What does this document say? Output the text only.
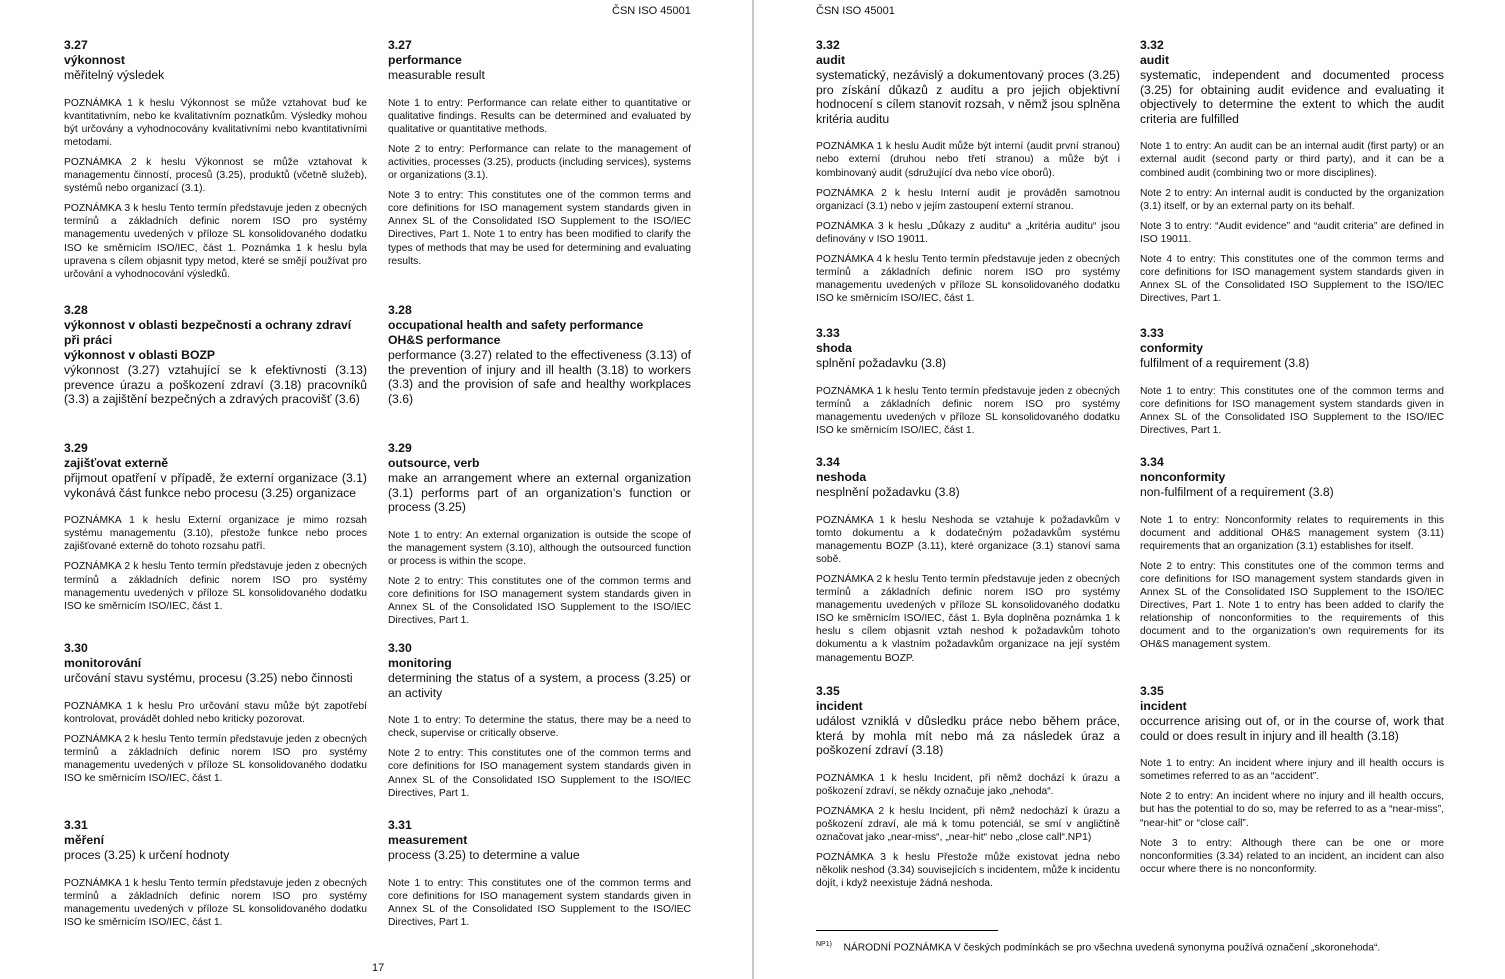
ČSN ISO 45001
3.27
výkonnost
měřitelný výsledek

POZNÁMKA 1 k heslu Výkonnost se může vztahovat buď ke kvantitativním, nebo ke kvalitativním poznatkům. Výsledky mohou být určovány a vyhodnocovány kvalitativními nebo kvantitativními metodami.

POZNÁMKA 2 k heslu Výkonnost se může vztahovat k managementu činností, procesů (3.25), produktů (včetně služeb), systémů nebo organizací (3.1).

POZNÁMKA 3 k heslu Tento termín představuje jeden z obecných termínů a základních definic norem ISO pro systémy managementu uvedených v příloze SL konsolidovaného dodatku ISO ke směrnicím ISO/IEC, část 1. Poznámka 1 k heslu byla upravena s cílem objasnit typy metod, které se smějí používat pro určování a vyhodnocování výsledků.

3.28
výkonnost v oblasti bezpečnosti a ochrany zdraví při práci
výkonnost v oblasti BOZP
výkonnost (3.27) vztahující se k efektivnosti (3.13) prevence úrazu a poškození zdraví (3.18) pracovníků (3.3) a zajištění bezpečných a zdravých pracovišť (3.6)
3.29
zajišťovat externě
přijmout opatření v případě, že externí organizace (3.1) vykonává část funkce nebo procesu (3.25) organizace

POZNÁMKA 1 k heslu Externí organizace je mimo rozsah systému managementu (3.10), přestože funkce nebo proces zajišťované externě do tohoto rozsahu patří.

POZNÁMKA 2 k heslu Tento termín představuje jeden z obecných termínů a základních definic norem ISO pro systémy managementu uvedených v příloze SL konsolidovaného dodatku ISO ke směrnicím ISO/IEC, část 1.

3.30
monitorování
určování stavu systému, procesu (3.25) nebo činnosti

POZNÁMKA 1 k heslu Pro určování stavu může být zapotřebí kontrolovat, provádět dohled nebo kriticky pozorovat.

POZNÁMKA 2 k heslu Tento termín představuje jeden z obecných termínů a základních definic norem ISO pro systémy managementu uvedených v příloze SL konsolidovaného dodatku ISO ke směrnicím ISO/IEC, část 1.

3.31
měření
proces (3.25) k určení hodnoty

POZNÁMKA 1 k heslu Tento termín představuje jeden z obecných termínů a základních definic norem ISO pro systémy managementu uvedených v příloze SL konsolidovaného dodatku ISO ke směrnicím ISO/IEC, část 1.

3.27
performance
measurable result

Note 1 to entry: Performance can relate either to quantitative or qualitative findings. Results can be determined and evaluated by qualitative or quantitative methods.

Note 2 to entry: Performance can relate to the management of activities, processes (3.25), products (including services), systems or organizations (3.1).

Note 3 to entry: This constitutes one of the common terms and core definitions for ISO management system standards given in Annex SL of the Consolidated ISO Supplement to the ISO/IEC Directives, Part 1. Note 1 to entry has been modified to clarify the types of methods that may be used for determining and evaluating results.

3.28
occupational health and safety performance
OH&S performance
performance (3.27) related to the effectiveness (3.13) of the prevention of injury and ill health (3.18) to workers (3.3) and the provision of safe and healthy workplaces (3.6)
3.29
outsource, verb
make an arrangement where an external organization (3.1) performs part of an organization’s function or process (3.25)

Note 1 to entry: An external organization is outside the scope of the management system (3.10), although the outsourced function or process is within the scope.

Note 2 to entry: This constitutes one of the common terms and core definitions for ISO management system standards given in Annex SL of the Consolidated ISO Supplement to the ISO/IEC Directives, Part 1.

3.30
monitoring
determining the status of a system, a process (3.25) or an activity

Note 1 to entry: To determine the status, there may be a need to check, supervise or critically observe.

Note 2 to entry: This constitutes one of the common terms and core definitions for ISO management system standards given in Annex SL of the Consolidated ISO Supplement to the ISO/IEC Directives, Part 1.

3.31
measurement
process (3.25) to determine a value

Note 1 to entry: This constitutes one of the common terms and core definitions for ISO management system standards given in Annex SL of the Consolidated ISO Supplement to the ISO/IEC Directives, Part 1.

17
ČSN ISO 45001
3.32
audit
systematický, nezávislý a dokumentovaný proces (3.25) pro získání důkazů z auditu a pro jejich objektivní hodnocení s cílem stanovit rozsah, v němž jsou splněna kritéria auditu

POZNÁMKA 1 k heslu Audit může být interní (audit první stranou) nebo externí (druhou nebo třetí stranou) a může být i kombinovaný audit (sdružující dva nebo více oborů).

POZNÁMKA 2 k heslu Interní audit je prováděn samotnou organizací (3.1) nebo v jejím zastoupení externí stranou.

POZNÁMKA 3 k heslu „Důkazy z auditu“ a „kritéria auditu“ jsou definovány v ISO 19011.

POZNÁMKA 4 k heslu Tento termín představuje jeden z obecných termínů a základních definic norem ISO pro systémy managementu uvedených v příloze SL konsolidovaného dodatku ISO ke směrnicím ISO/IEC, část 1.

3.33
shoda
splnění požadavku (3.8)

POZNÁMKA 1 k heslu Tento termín představuje jeden z obecných termínů a základních definic norem ISO pro systémy managementu uvedených v příloze SL konsolidovaného dodatku ISO ke směrnicím ISO/IEC, část 1.

3.34
neshoda
nesplnění požadavku (3.8)

POZNÁMKA 1 k heslu Neshoda se vztahuje k požadavkům v tomto dokumentu a k dodatečným požadavkům systému managementu BOZP (3.11), které organizace (3.1) stanoví sama sobě.

POZNÁMKA 2 k heslu Tento termín představuje jeden z obecných termínů a základních definic norem ISO pro systémy managementu uvedených v příloze SL konsolidovaného dodatku ISO ke směrnicím ISO/IEC, část 1. Byla doplněna poznámka 1 k heslu s cílem objasnit vztah neshod k požadavkům tohoto dokumentu a k vlastním požadavkům organizace na její systém managementu BOZP.

3.35
incident
událost vzniklá v důsledku práce nebo během práce, která by mohla mít nebo má za následek úraz a poškození zdraví (3.18)

POZNÁMKA 1 k heslu Incident, při němž dochází k úrazu a poškození zdraví, se někdy označuje jako „nehoda“.

POZNÁMKA 2 k heslu Incident, při němž nedochází k úrazu a poškození zdraví, ale má k tomu potenciál, se smí v angličtině označovat jako „near-miss“, „near-hit“ nebo „close call“.NP1)

POZNÁMKA 3 k heslu Přestože může existovat jedna nebo několik neshod (3.34) souvisejících s incidentem, může k incidentu dojít, i když neexistuje žádná neshoda.

3.32
audit
systematic, independent and documented process (3.25) for obtaining audit evidence and evaluating it objectively to determine the extent to which the audit criteria are fulfilled

Note 1 to entry: An audit can be an internal audit (first party) or an external audit (second party or third party), and it can be a combined audit (combining two or more disciplines).

Note 2 to entry: An internal audit is conducted by the organization (3.1) itself, or by an external party on its behalf.

Note 3 to entry: “Audit evidence” and “audit criteria” are defined in ISO 19011.

Note 4 to entry: This constitutes one of the common terms and core definitions for ISO management system standards given in Annex SL of the Consolidated ISO Supplement to the ISO/IEC Directives, Part 1.

3.33
conformity
fulfilment of a requirement (3.8)

Note 1 to entry: This constitutes one of the common terms and core definitions for ISO management system standards given in Annex SL of the Consolidated ISO Supplement to the ISO/IEC Directives, Part 1.

3.34
nonconformity
non-fulfilment of a requirement (3.8)

Note 1 to entry: Nonconformity relates to requirements in this document and additional OH&S management system (3.11) requirements that an organization (3.1) establishes for itself.

Note 2 to entry: This constitutes one of the common terms and core definitions for ISO management system standards given in Annex SL of the Consolidated ISO Supplement to the ISO/IEC Directives, Part 1. Note 1 to entry has been added to clarify the relationship of nonconformities to the requirements of this document and to the organization’s own requirements for its OH&S management system.

3.35
incident
occurrence arising out of, or in the course of, work that could or does result in injury and ill health (3.18)

Note 1 to entry: An incident where injury and ill health occurs is sometimes referred to as an “accident”.

Note 2 to entry: An incident where no injury and ill health occurs, but has the potential to do so, may be referred to as a “near-miss”, “near-hit” or “close call”.

Note 3 to entry: Although there can be one or more nonconformities (3.34) related to an incident, an incident can also occur where there is no nonconformity.

$^{NP1)}$ NÁRODNÍ POZNÁMKA V českých podmínkách se pro všechna uvedená synonyma používá označení „skoronehoda“.
